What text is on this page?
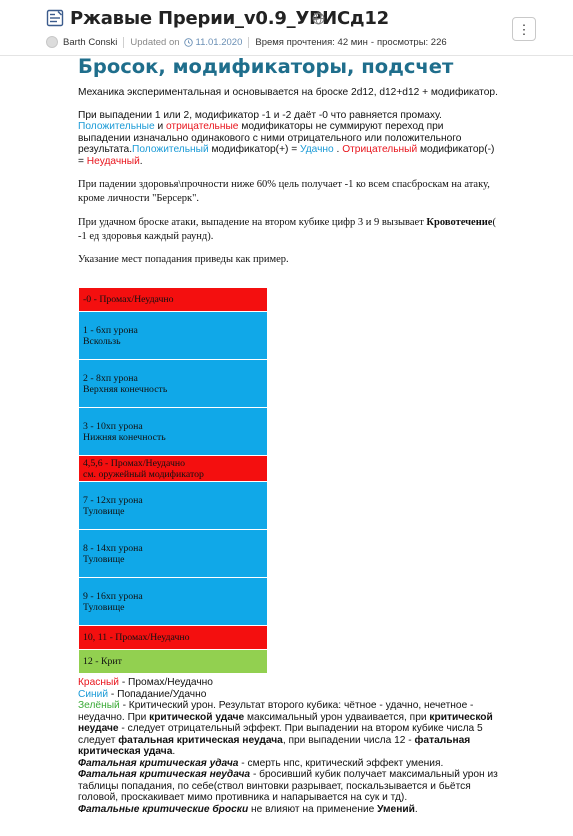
Ржавые Прерии_v0.9_УРИСд12	⋮
Barth Conski Updated on 11.01.2020 Время прочтения: 42 мин - просмотры: 226
Бросок, модификаторы, подсчет

Механика экспериментальная и основывается на броске 2d12, d12+d12 + модификатор.

При выпадении 1 или 2, модификатор -1 и -2 даёт -0 что равняется промаху.
Положительные и отрицательные модификаторы не суммируют переход при выпадении изначально одинакового с ними отрицательного или положительного результата.Положительный модификатор(+) = Удачно . Отрицательный модификатор(-) = Неудачный.

При падении здоровья\прочности ниже 60% цель получает -1 ко всем спасброскам на атаку, кроме личности "Берсерк".

При удачном броске атаки, выпадение на втором кубике цифр 3 и 9 вызывает Кровотечение( -1 ед здоровья каждый раунд).

Указание мест попадания приведы как пример.

-0 - Промах/Неудачно
1 - 6хп урона
Вскользь
2 - 8хп урона
Верхняя конечность
3 - 10хп урона
Нижняя конечность
4,5,6 - Промах/Неудачно
см. оружейный модификатор
7 - 12хп урона
Туловище
8 - 14хп урона
Туловище
9 - 16хп урона
Туловище
10, 11 - Промах/Неудачно
12 - Крит

Красный - Промах/Неудачно

Синий - Попадание/Удачно

Зелёный - Критический урон. Результат второго кубика: чётное - удачно, нечетное - неудачно. При критической удаче максимальный урон удваивается, при критической неудаче - следует отрицательный эффект. При выпадении на втором кубике числа 5 следует фатальная критическая неудача, при выпадении числа 12 - фатальная критическая удача.

Фатальная критическая удача - смерть нпс, критический эффект умения.

Фатальная критическая неудача - бросивший кубик получает максимальный урон из таблицы попадания, по себе(ствол винтовки разрывает, поскальзывается и бьётся головой, проскакивает мимо противника и напарывается на сук и тд).

Фатальные критические броски не влияют на применение Умений.
